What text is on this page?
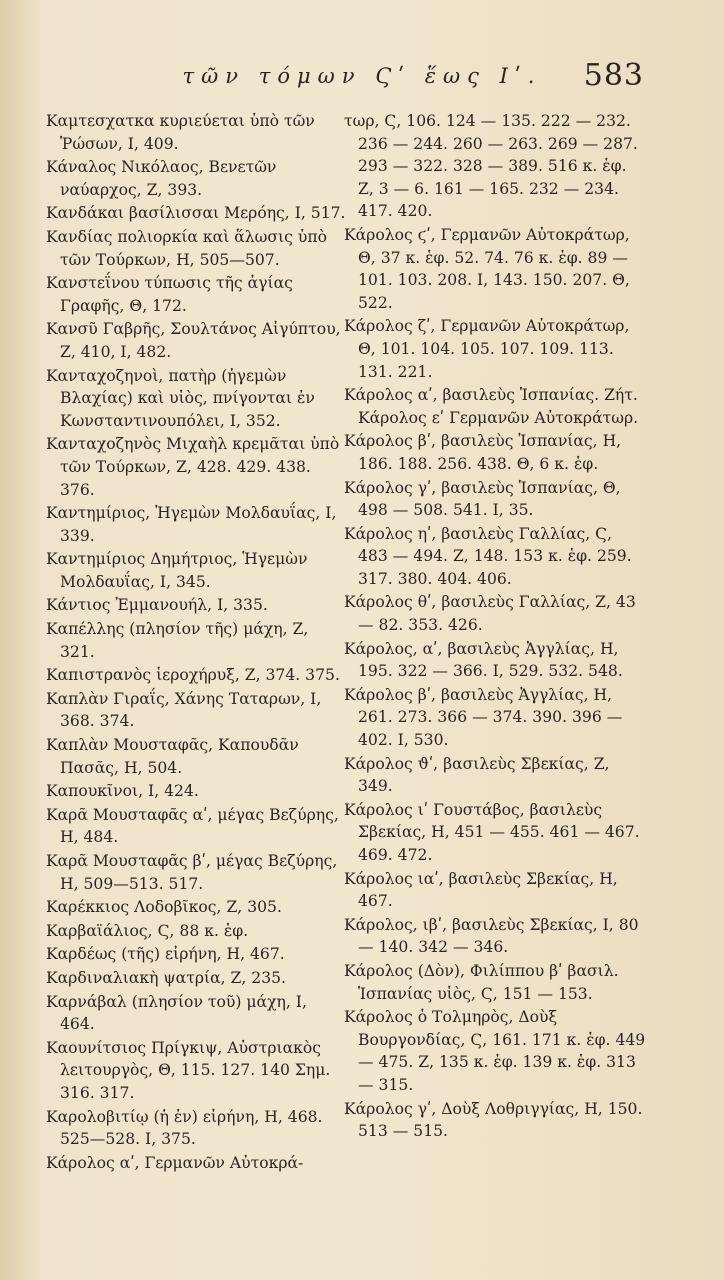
τῶν τόμων Ϛʹ ἕως Ιʹ.	583
Καμτεσχατκα κυριεύεται ὑπὸ τῶν Ῥώσων, Ι, 409.
Κάναλος Νικόλαος, Βενετῶν ναύαρχος, Ζ, 393.
Κανδάκαι βασίλισσαι Μερόης, Ι, 517.
Κανδίας πολιορκία καὶ ἅλωσις ὑπὸ τῶν Τούρκων, Η, 505—507.
Κανστεΐνου τύπωσις τῆς ἁγίας Γραφῆς, Θ, 172.
Κανσῦ Γαβρῆς, Σουλτάνος Αἰγύπτου, Ζ, 410, Ι, 482.
Κανταχοζηνοὶ, πατὴρ (ἡγεμὼν Βλαχίας) καὶ υἱὸς, πνίγονται ἐν Κωνσταντινουπόλει, Ι, 352.
Κανταχοζηνὸς Μιχαὴλ κρεμᾶται ὑπὸ τῶν Τούρκων, Ζ, 428. 429. 438. 376.
Καντημίριος, Ἡγεμὼν Μολδαυΐας, Ι, 339.
Καντημίριος Δημήτριος, Ἡγεμὼν Μολδαυΐας, Ι, 345.
Κάντιος Ἐμμανουήλ, Ι, 335.
Καπέλλης (πλησίον τῆς) μάχη, Ζ, 321.
Καπιστρανὸς ἱεροχήρυξ, Ζ, 374. 375.
Καπλὰν Γιραΐς, Χάνης Ταταρων, Ι, 368. 374.
Καπλὰν Μουσταφᾶς, Καπουδᾶν Πασᾶς, Η, 504.
Καπουκῖνοι, Ι, 424.
Καρᾶ Μουσταφᾶς αʹ, μέγας Βεζύρης, Η, 484.
Καρᾶ Μουσταφᾶς βʹ, μέγας Βεζύρης, Η, 509—513. 517.
Καρέκκιος Λοδοβῖκος, Ζ, 305.
Καρβαϊάλιος, Ϛ, 88 κ. ἑφ.
Καρδέως (τῆς) εἰρήνη, Η, 467.
Καρδιναλιακὴ ψατρία, Ζ, 235.
Καρνάβαλ (πλησίον τοῦ) μάχη, Ι, 464.
Καουνίτσιος Πρίγκιψ, Αὐστριακὸς λειτουργὸς, Θ, 115. 127. 140 Σημ. 316. 317.
Καρολοβιτίῳ (ἡ ἐν) εἰρήνη, Η, 468. 525—528. Ι, 375.
Κάρολος αʹ, Γερμανῶν Αὐτοκρά-
τωρ, Ϛ, 106. 124 — 135. 222 — 232. 236 — 244. 260 — 263. 269 — 287. 293 — 322. 328 — 389. 516 κ. ἑφ. Ζ, 3 — 6. 161 — 165. 232 — 234. 417. 420.
Κάρολος ϛʹ, Γερμανῶν Αὐτοκράτωρ, Θ, 37 κ. ἑφ. 52. 74. 76 κ. ἑφ. 89 — 101. 103. 208. Ι, 143. 150. 207. Θ, 522.
Κάρολος ζʹ, Γερμανῶν Αὐτοκράτωρ, Θ, 101. 104. 105. 107. 109. 113. 131. 221.
Κάρολος αʹ, βασιλεὺς Ἱσπανίας. Ζήτ. Κάρολος εʹ Γερμανῶν Αὐτοκράτωρ.
Κάρολος βʹ, βασιλεὺς Ἱσπανίας, Η, 186. 188. 256. 438. Θ, 6 κ. ἑφ.
Κάρολος γʹ, βασιλεὺς Ἱσπανίας, Θ, 498 — 508. 541. Ι, 35.
Κάρολος ηʹ, βασιλεὺς Γαλλίας, Ϛ, 483 — 494. Ζ, 148. 153 κ. ἑφ. 259. 317. 380. 404. 406.
Κάρολος θʹ, βασιλεὺς Γαλλίας, Ζ, 43 — 82. 353. 426.
Κάρολος, αʹ, βασιλεὺς Ἀγγλίας, Η, 195. 322 — 366. Ι, 529. 532. 548.
Κάρολος βʹ, βασιλεὺς Ἀγγλίας, Η, 261. 273. 366 — 374. 390. 396 — 402. Ι, 530.
Κάρολος ϑʹ, βασιλεὺς Σβεκίας, Ζ, 349.
Κάρολος ιʹ Γουστάβος, βασιλεὺς Σβεκίας, Η, 451 — 455. 461 — 467. 469. 472.
Κάρολος ιαʹ, βασιλεὺς Σβεκίας, Η, 467.
Κάρολος, ιβʹ, βασιλεὺς Σβεκίας, Ι, 80 — 140. 342 — 346.
Κάρολος (Δὸν), Φιλίππου βʹ βασιλ. Ἱσπανίας υἱὸς, Ϛ, 151 — 153.
Κάρολος ὁ Τολμηρὸς, Δοὺξ Βουργονδίας, Ϛ, 161. 171 κ. ἑφ. 449 — 475. Ζ, 135 κ. ἑφ. 139 κ. ἑφ. 313 — 315.
Κάρολος γʹ, Δοὺξ Λοθριγγίας, Η, 150. 513 — 515.
